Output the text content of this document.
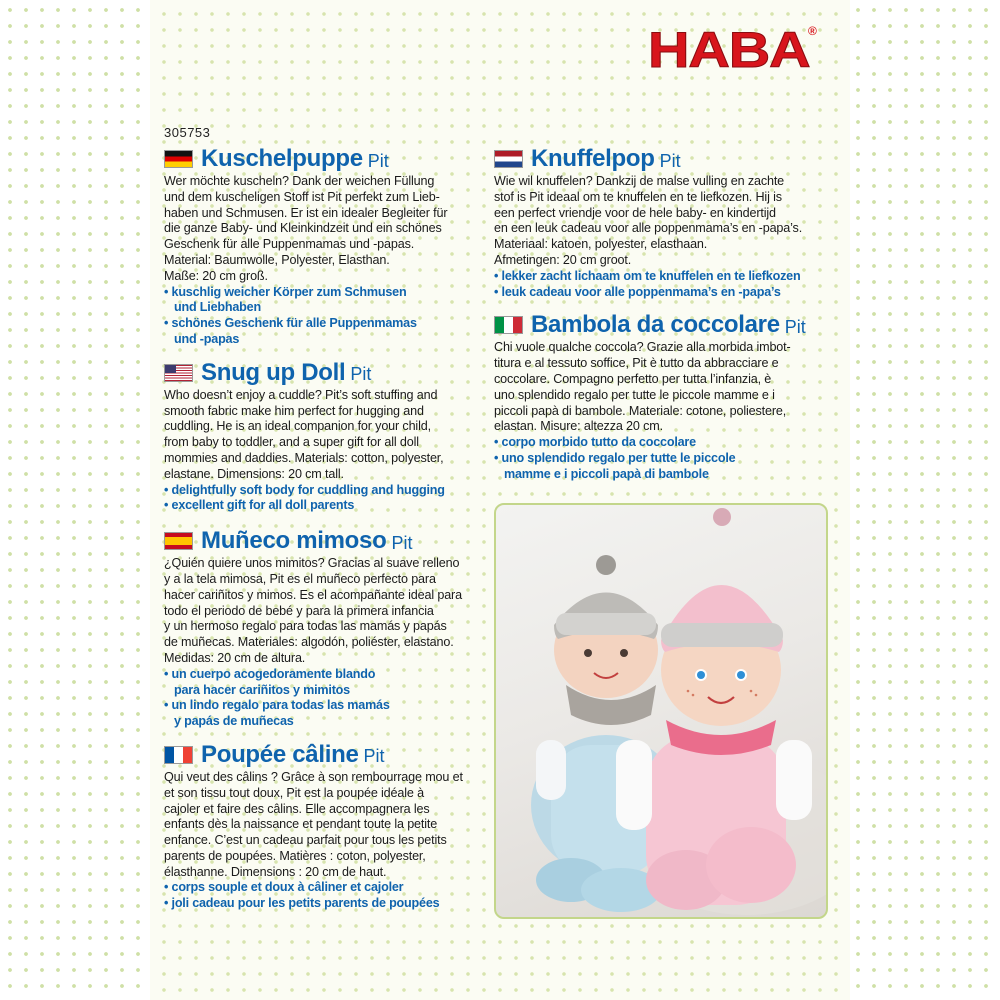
HABA
®
305753
Kuschelpuppe Pit
Wer möchte kuscheln? Dank der weichen Füllung
und dem kuscheligen Stoff ist Pit perfekt zum Lieb-
haben und Schmusen. Er ist ein idealer Begleiter für
die ganze Baby- und Kleinkindzeit und ein schönes
Geschenk für alle Puppenmamas und -papas.
Material: Baumwolle, Polyester, Elasthan.
Maße: 20 cm groß.
• kuschlig weicher Körper zum Schmusen
und Liebhaben
• schönes Geschenk für alle Puppenmamas
und -papas
Snug up Doll Pit
Who doesn’t enjoy a cuddle? Pit’s soft stuffing and
smooth fabric make him perfect for hugging and
cuddling. He is an ideal companion for your child,
from baby to toddler, and a super gift for all doll
mommies and daddies. Materials: cotton, polyester,
elastane. Dimensions: 20 cm tall.
• delightfully soft body for cuddling and hugging
• excellent gift for all doll parents
Muñeco mimoso Pit
¿Quién quiere unos mimitos? Gracias al suave relleno
y a la tela mimosa, Pit es el muñeco perfecto para
hacer cariñitos y mimos. Es el acompañante ideal para
todo el periodo de bebé y para la primera infancia
y un hermoso regalo para todas las mamás y papás
de muñecas. Materiales: algodón, poliéster, elastano.
Medidas: 20 cm de altura.
• un cuerpo acogedoramente blando
para hacer cariñitos y mimitos
• un lindo regalo para todas las mamás
y papás de muñecas
Poupée câline Pit
Qui veut des câlins ? Grâce à son rembourrage mou et
et son tissu tout doux, Pit est la poupée idéale à
cajoler et faire des câlins. Elle accompagnera les
enfants dès la naissance et pendant toute la petite
enfance. C’est un cadeau parfait pour tous les petits
parents de poupées. Matières : coton, polyester,
élasthanne. Dimensions : 20 cm de haut.
• corps souple et doux à câliner et cajoler
• joli cadeau pour les petits parents de poupées
Knuffelpop Pit
Wie wil knuffelen? Dankzij de malse vulling en zachte
stof is Pit ideaal om te knuffelen en te liefkozen. Hij is
een perfect vriendje voor de hele baby- en kindertijd
en een leuk cadeau voor alle poppenmama’s en -papa’s.
Materiaal: katoen, polyester, elasthaan.
Afmetingen: 20 cm groot.
• lekker zacht lichaam om te knuffelen en te liefkozen
• leuk cadeau voor alle poppenmama’s en -papa’s
Bambola da coccolare Pit
Chi vuole qualche coccola? Grazie alla morbida imbot-
titura e al tessuto soffice, Pit è tutto da abbracciare e
coccolare. Compagno perfetto per tutta l’infanzia, è
uno splendido regalo per tutte le piccole mamme e i
piccoli papà di bambole. Materiale: cotone, poliestere,
elastan. Misure: altezza 20 cm.
• corpo morbido tutto da coccolare
• uno splendido regalo per tutte le piccole
mamme e i piccoli papà di bambole
